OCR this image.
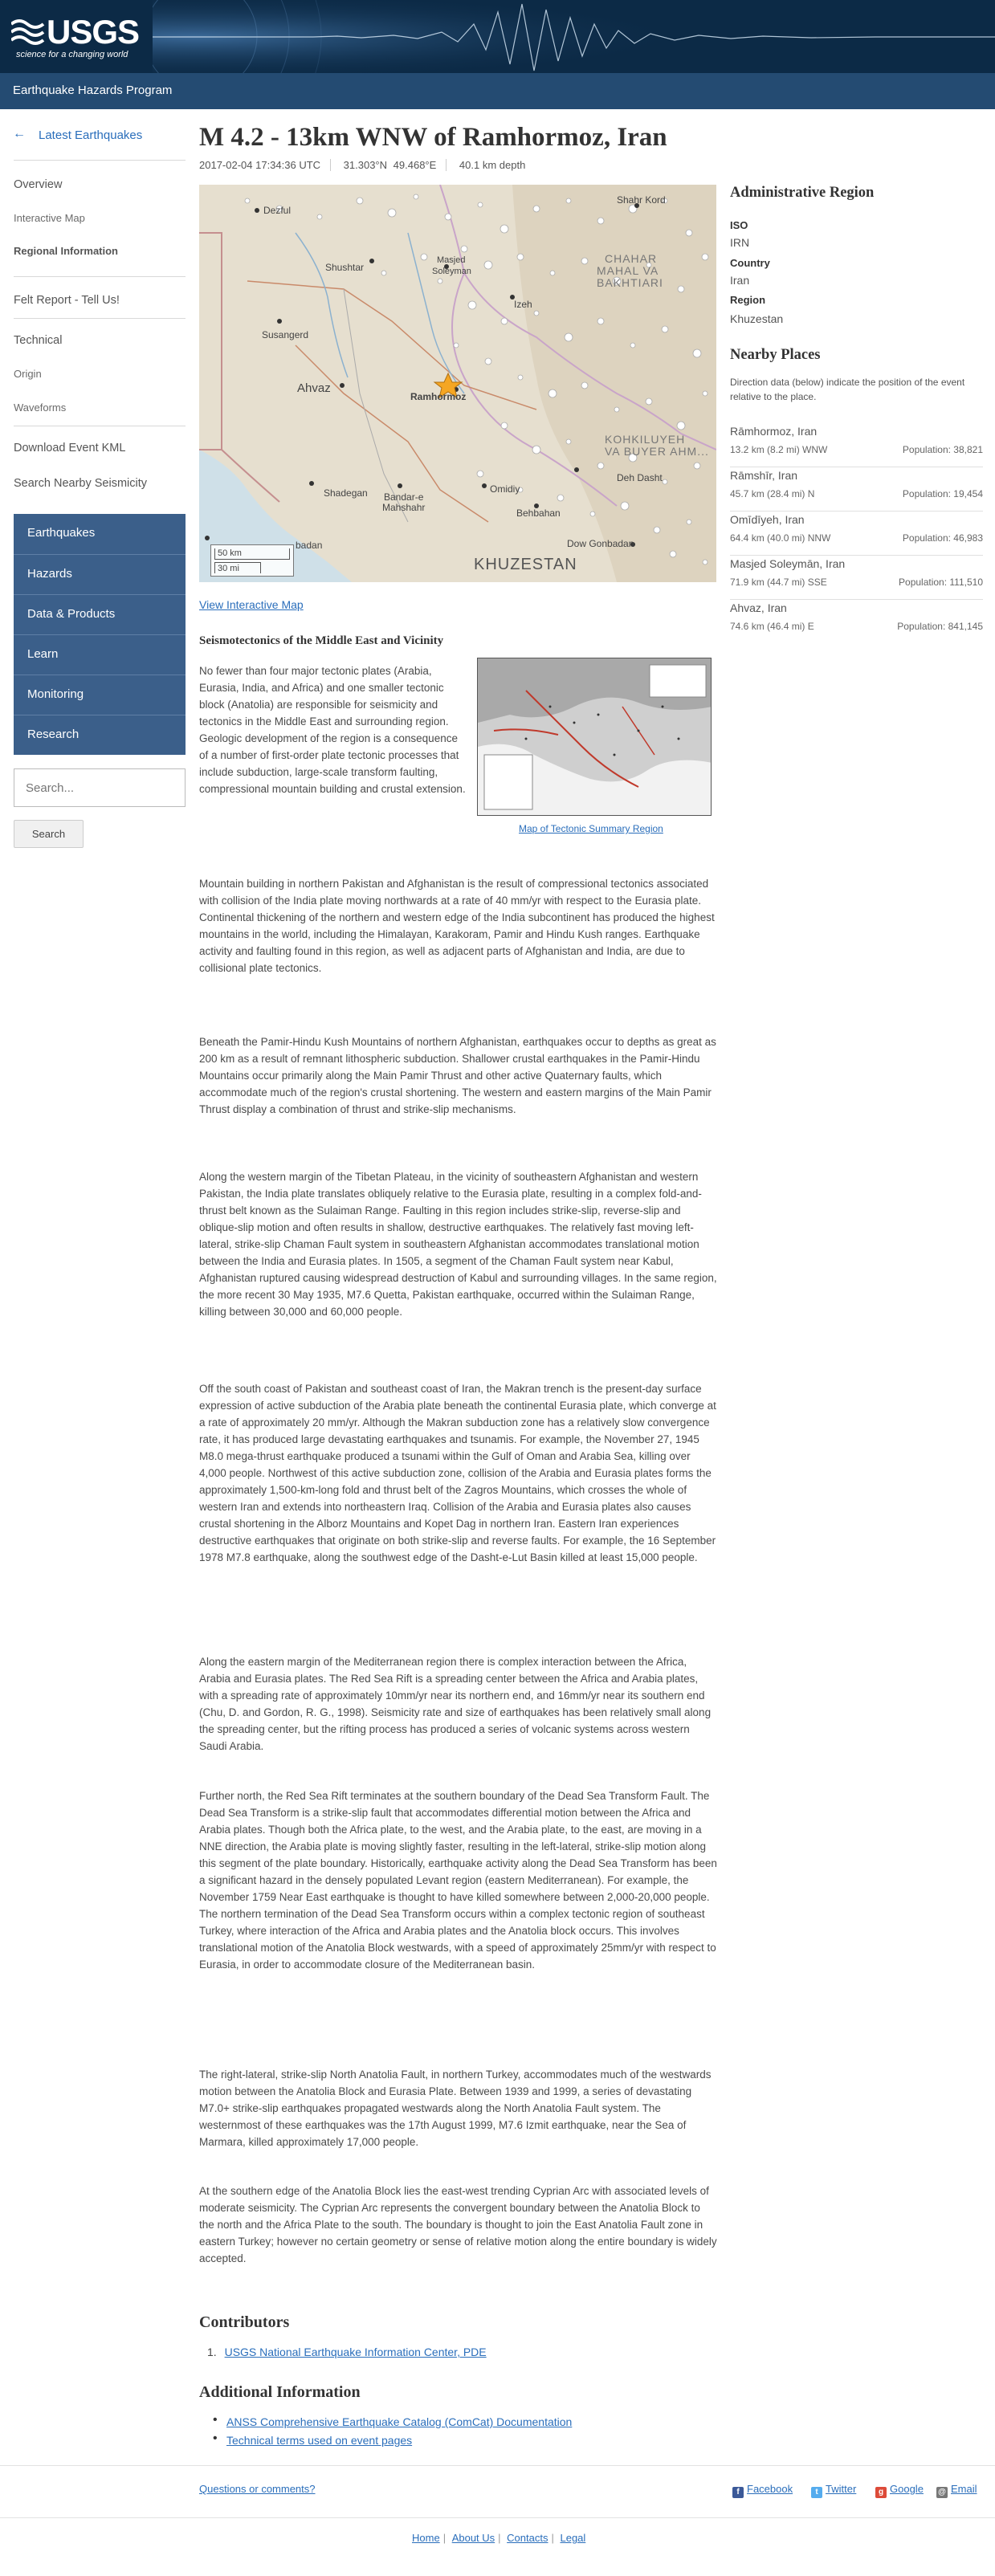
USGS
science for a changing world
Earthquake Hazards Program
← Latest Earthquakes
Overview
Interactive Map
Regional Information
Felt Report - Tell Us!
Technical
Origin
Waveforms
Download Event KML
Search Nearby Seismicity
Earthquakes
Hazards
Data & Products
Learn
Monitoring
Research
Search...
Search
M 4.2 - 13km WNW of Ramhormoz, Iran
2017-02-04 17:34:36 UTC 31.303°N 49.468°E 40.1 km depth
Dezful
Shahr Kord
Shushtar
Masjed
Soleyman
CHAHAR
MAHAL VA
BAKHTIARI
Izeh
Susangerd
Ahvaz
Ramhormoz
KOHKILUYEH
VA BUYER AHM...
Shadegan	Omidiy
Bandar-e
Mahshahr	Behbahan
Deh Dasht
Dow Gonbadan
badan
KHUZESTAN
50 km
30 mi
View Interactive Map
Seismotectonics of the Middle East and Vicinity

No fewer than four major tectonic plates (Arabia, Eurasia, India, and Africa) and one smaller tectonic block (Anatolia) are responsible for seismicity and tectonics in the Middle East and surrounding region. Geologic development of the region is a consequence of a number of first-order plate tectonic processes that include subduction, large-scale transform faulting, compressional mountain building and crustal extension.

Map of Tectonic Summary Region

Mountain building in northern Pakistan and Afghanistan is the result of compressional tectonics associated with collision of the India plate moving northwards at a rate of 40 mm/yr with respect to the Eurasia plate. Continental thickening of the northern and western edge of the India subcontinent has produced the highest mountains in the world, including the Himalayan, Karakoram, Pamir and Hindu Kush ranges. Earthquake activity and faulting found in this region, as well as adjacent parts of Afghanistan and India, are due to collisional plate tectonics.

Beneath the Pamir-Hindu Kush Mountains of northern Afghanistan, earthquakes occur to depths as great as 200 km as a result of remnant lithospheric subduction. Shallower crustal earthquakes in the Pamir-Hindu Mountains occur primarily along the Main Pamir Thrust and other active Quaternary faults, which accommodate much of the region's crustal shortening. The western and eastern margins of the Main Pamir Thrust display a combination of thrust and strike-slip mechanisms.

Along the western margin of the Tibetan Plateau, in the vicinity of southeastern Afghanistan and western Pakistan, the India plate translates obliquely relative to the Eurasia plate, resulting in a complex fold-and-thrust belt known as the Sulaiman Range. Faulting in this region includes strike-slip, reverse-slip and oblique-slip motion and often results in shallow, destructive earthquakes. The relatively fast moving left-lateral, strike-slip Chaman Fault system in southeastern Afghanistan accommodates translational motion between the India and Eurasia plates. In 1505, a segment of the Chaman Fault system near Kabul, Afghanistan ruptured causing widespread destruction of Kabul and surrounding villages. In the same region, the more recent 30 May 1935, M7.6 Quetta, Pakistan earthquake, occurred within the Sulaiman Range, killing between 30,000 and 60,000 people.

Off the south coast of Pakistan and southeast coast of Iran, the Makran trench is the present-day surface expression of active subduction of the Arabia plate beneath the continental Eurasia plate, which converge at a rate of approximately 20 mm/yr. Although the Makran subduction zone has a relatively slow convergence rate, it has produced large devastating earthquakes and tsunamis. For example, the November 27, 1945 M8.0 mega-thrust earthquake produced a tsunami within the Gulf of Oman and Arabia Sea, killing over 4,000 people. Northwest of this active subduction zone, collision of the Arabia and Eurasia plates forms the approximately 1,500-km-long fold and thrust belt of the Zagros Mountains, which crosses the whole of western Iran and extends into northeastern Iraq. Collision of the Arabia and Eurasia plates also causes crustal shortening in the Alborz Mountains and Kopet Dag in northern Iran. Eastern Iran experiences destructive earthquakes that originate on both strike-slip and reverse faults. For example, the 16 September 1978 M7.8 earthquake, along the southwest edge of the Dasht-e-Lut Basin killed at least 15,000 people.

Along the eastern margin of the Mediterranean region there is complex interaction between the Africa, Arabia and Eurasia plates. The Red Sea Rift is a spreading center between the Africa and Arabia plates, with a spreading rate of approximately 10mm/yr near its northern end, and 16mm/yr near its southern end (Chu, D. and Gordon, R. G., 1998). Seismicity rate and size of earthquakes has been relatively small along the spreading center, but the rifting process has produced a series of volcanic systems across western Saudi Arabia.

Further north, the Red Sea Rift terminates at the southern boundary of the Dead Sea Transform Fault. The Dead Sea Transform is a strike-slip fault that accommodates differential motion between the Africa and Arabia plates. Though both the Africa plate, to the west, and the Arabia plate, to the east, are moving in a NNE direction, the Arabia plate is moving slightly faster, resulting in the left-lateral, strike-slip motion along this segment of the plate boundary. Historically, earthquake activity along the Dead Sea Transform has been a significant hazard in the densely populated Levant region (eastern Mediterranean). For example, the November 1759 Near East earthquake is thought to have killed somewhere between 2,000-20,000 people. The northern termination of the Dead Sea Transform occurs within a complex tectonic region of southeast Turkey, where interaction of the Africa and Arabia plates and the Anatolia block occurs. This involves translational motion of the Anatolia Block westwards, with a speed of approximately 25mm/yr with respect to Eurasia, in order to accommodate closure of the Mediterranean basin.

The right-lateral, strike-slip North Anatolia Fault, in northern Turkey, accommodates much of the westwards motion between the Anatolia Block and Eurasia Plate. Between 1939 and 1999, a series of devastating M7.0+ strike-slip earthquakes propagated westwards along the North Anatolia Fault system. The westernmost of these earthquakes was the 17th August 1999, M7.6 Izmit earthquake, near the Sea of Marmara, killed approximately 17,000 people.

At the southern edge of the Anatolia Block lies the east-west trending Cyprian Arc with associated levels of moderate seismicity. The Cyprian Arc represents the convergent boundary between the Anatolia Block to the north and the Africa Plate to the south. The boundary is thought to join the East Anatolia Fault zone in eastern Turkey; however no certain geometry or sense of relative motion along the entire boundary is widely accepted.

Contributors
1. USGS National Earthquake Information Center, PDE
Additional Information
• ANSS Comprehensive Earthquake Catalog (ComCat) Documentation
• Technical terms used on event pages
Administrative Region
ISO
IRN
Country
Iran
Region
Khuzestan
Nearby Places

Direction data (below) indicate the position of the event relative to the place.

Rāmhormoz, Iran
13.2 km (8.2 mi) WNW	Population: 38,821
Rāmshīr, Iran
45.7 km (28.4 mi) N	Population: 19,454
Omīdīyeh, Iran
64.4 km (40.0 mi) NNW	Population: 46,983
Masjed Soleymān, Iran
71.9 km (44.7 mi) SSE	Population: 111,510
Ahvaz, Iran
74.6 km (46.4 mi) E	Population: 841,145
Questions or comments?	f Facebook	t Twitter	g Google @ Email
Home | About Us | Contacts | Legal
